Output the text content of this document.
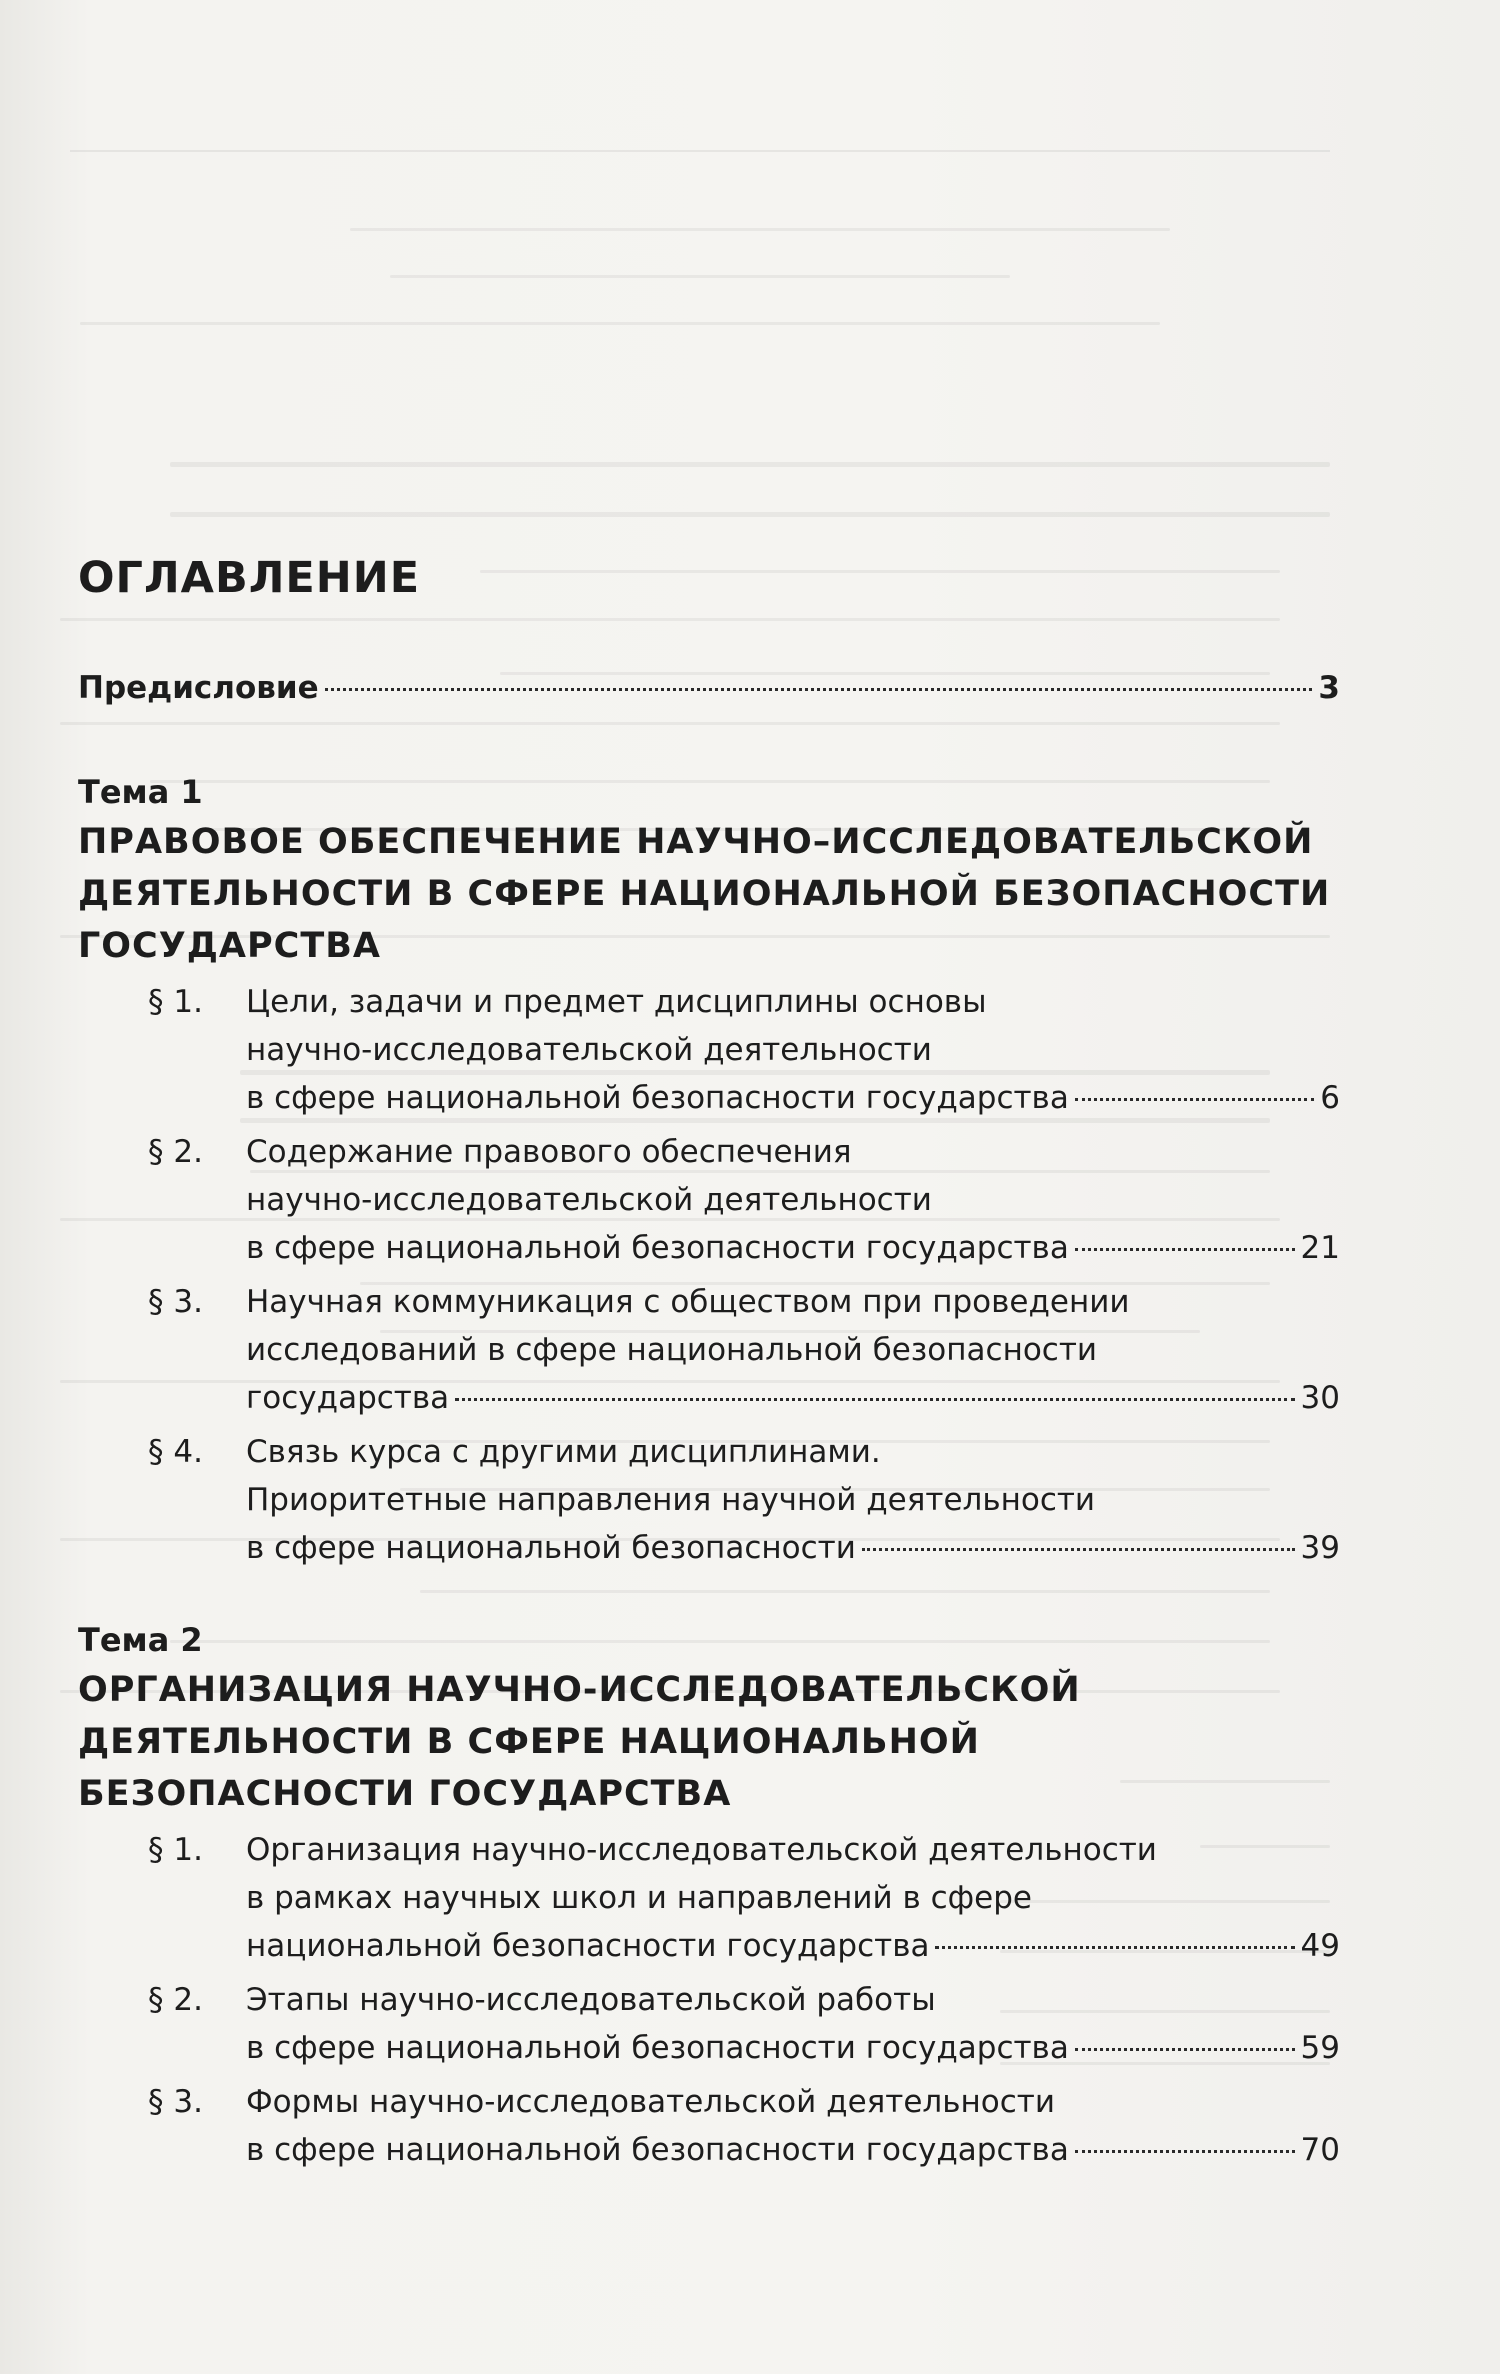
ОГЛАВЛЕНИЕ
Предисловие	3
Тема 1
ПРАВОВОЕ ОБЕСПЕЧЕНИЕ НАУЧНО–ИССЛЕДОВАТЕЛЬСКОЙ
ДЕЯТЕЛЬНОСТИ В СФЕРЕ НАЦИОНАЛЬНОЙ БЕЗОПАСНОСТИ
ГОСУДАРСТВА
§ 1.	Цели, задачи и предмет дисциплины основы
научно-исследовательской деятельности
в сфере национальной безопасности государства	6
§ 2.	Содержание правового обеспечения
научно-исследовательской деятельности
в сфере национальной безопасности государства	21
§ 3.	Научная коммуникация с обществом при проведении
исследований в сфере национальной безопасности
государства	30
§ 4.	Связь курса с другими дисциплинами.
Приоритетные направления научной деятельности
в сфере национальной безопасности	39
Тема 2
ОРГАНИЗАЦИЯ НАУЧНО-ИССЛЕДОВАТЕЛЬСКОЙ
ДЕЯТЕЛЬНОСТИ В СФЕРЕ НАЦИОНАЛЬНОЙ
БЕЗОПАСНОСТИ ГОСУДАРСТВА
§ 1.	Организация научно-исследовательской деятельности
в рамках научных школ и направлений в сфере
национальной безопасности государства	49
§ 2.	Этапы научно-исследовательской работы
в сфере национальной безопасности государства	59
§ 3.	Формы научно-исследовательской деятельности
в сфере национальной безопасности государства	70
